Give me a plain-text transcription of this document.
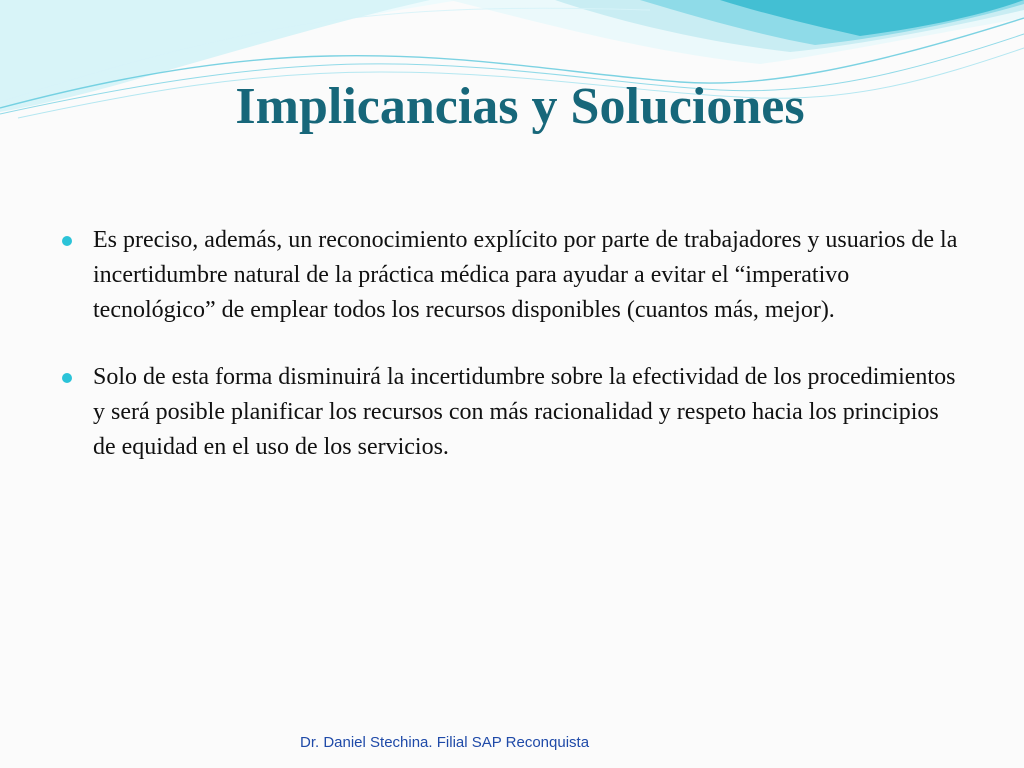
Implicancias y Soluciones
Es preciso, además, un reconocimiento explícito por parte de trabajadores y usuarios de la incertidumbre natural de la práctica médica para ayudar a evitar el “imperativo tecnológico” de emplear todos los recursos disponibles (cuantos más, mejor).
Solo de esta forma disminuirá la incertidumbre sobre la efectividad de los procedimientos y será posible planificar los recursos con más racionalidad y respeto hacia los principios de equidad en el uso de los servicios.
Dr. Daniel Stechina. Filial SAP Reconquista
